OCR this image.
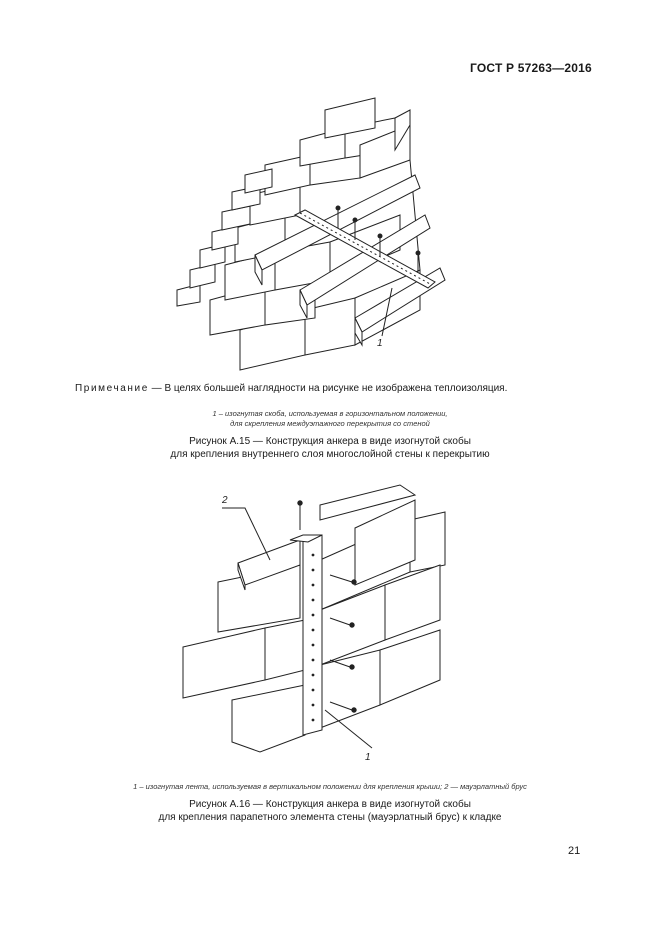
ГОСТ Р 57263—2016
1
2
1
Примечание — В целях большей наглядности на рисунке не изображена теплоизоляция.
1 – изогнутая скоба, используемая в горизонтальном положении,
для скрепления междуэтажного перекрытия со стеной
Рисунок А.15 — Конструкция анкера в виде изогнутой скобы
для крепления внутреннего слоя многослойной стены к перекрытию
1 – изогнутая лента, используемая в вертикальном положении для крепления крыши; 2 — мауэрлатный брус
Рисунок А.16 — Конструкция анкера в виде изогнутой скобы
для крепления парапетного элемента стены (мауэрлатный брус) к кладке
21
